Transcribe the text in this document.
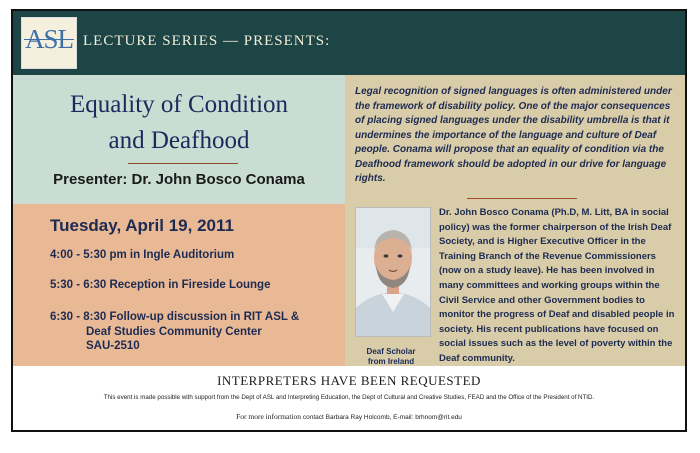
ASL LECTURE SERIES — PRESENTS:
Equality of Condition
and Deafhood
Presenter: Dr. John Bosco Conama
Legal recognition of signed languages is often administered under the framework of disability policy. One of the major consequences of placing signed languages under the disability umbrella is that it undermines the importance of the language and culture of Deaf people. Conama will propose that an equality of condition via the Deafhood framework should be adopted in our drive for language rights.
Deaf Scholar
from Ireland
Dr. John Bosco Conama (Ph.D, M. Litt, BA in social policy) was the former chairperson of the Irish Deaf Society, and is Higher Executive Officer in the Training Branch of the Revenue Commissioners (now on a study leave). He has been involved in many committees and working groups within the Civil Service and other Government bodies to monitor the progress of Deaf and disabled people in society. His recent publications have focused on social issues such as the level of poverty within the Deaf community.
Tuesday, April 19, 2011
4:00 - 5:30 pm in Ingle Auditorium
5:30 - 6:30 Reception in Fireside Lounge
6:30 - 8:30 Follow-up discussion in RIT ASL &

Deaf Studies Community Center
SAU-2510
INTERPRETERS HAVE BEEN REQUESTED
This event is made possible with support from the Dept of ASL and Interpreting Education, the Dept of Cultural and Creative Studies, FEAD and the Office of the President of NTID.
For more information contact Barbara Ray Holcomb, E-mail: brhnom@rit.edu
